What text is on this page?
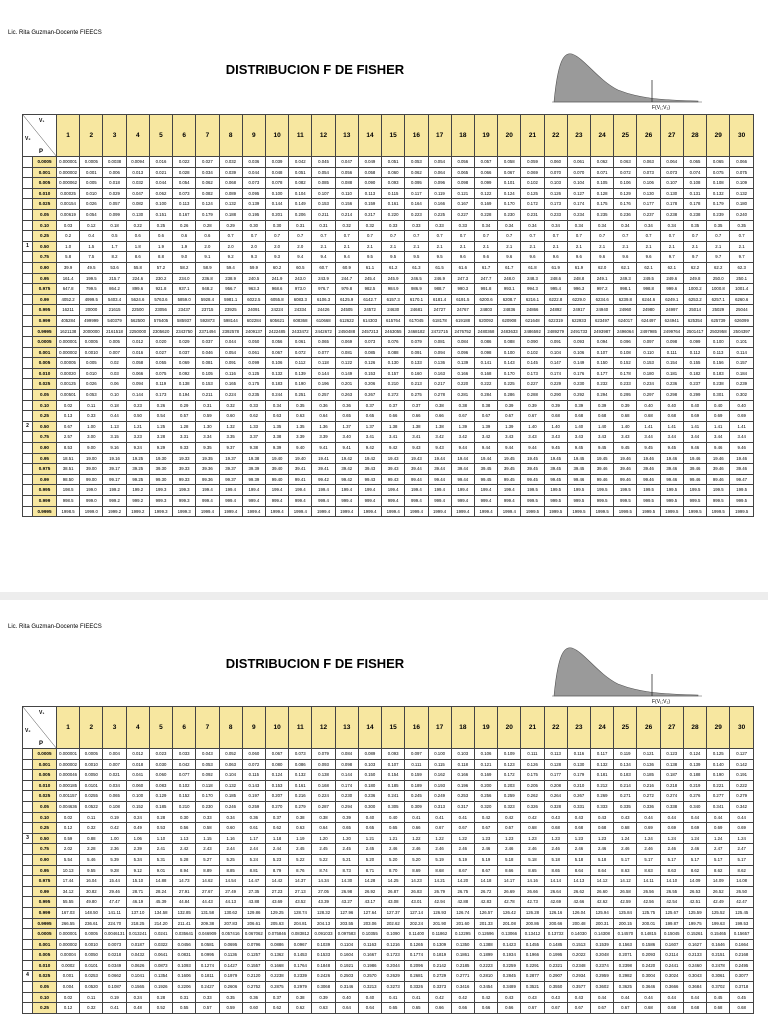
Lic. Rita Guzman-Docente FIEECS
DISTRIBUCION F DE FISHER
F(V₁;V₂)
V₁
V₂
P		1	2	3	4	5	6	7	8	9	10	11	12	13	14	15	16	17	18	19	20	21	22	23	24	25	26	27	28	29	30
	0.0005	0.000001	0.0005	0.0038	0.0094	0.016	0.022	0.027	0.032	0.036	0.039	0.042	0.045	0.047	0.049	0.051	0.053	0.054	0.056	0.057	0.058	0.059	0.060	0.061	0.062	0.063	0.063	0.064	0.065	0.065	0.066
	0.001	0.000002	0.001	0.006	0.013	0.021	0.028	0.034	0.039	0.044	0.048	0.051	0.054	0.056	0.058	0.060	0.062	0.064	0.065	0.066	0.067	0.069	0.070	0.070	0.071	0.072	0.073	0.073	0.074	0.075	0.075
	0.005	0.000062	0.005	0.018	0.032	0.044	0.054	0.062	0.068	0.073	0.078	0.082	0.085	0.088	0.090	0.093	0.095	0.096	0.098	0.099	0.101	0.102	0.103	0.104	0.105	0.106	0.106	0.107	0.108	0.108	0.109
	0.010	0.00025	0.010	0.029	0.047	0.062	0.073	0.082	0.089	0.095	0.100	0.104	0.107	0.110	0.113	0.115	0.117	0.119	0.121	0.122	0.124	0.125	0.126	0.127	0.128	0.129	0.130	0.130	0.131	0.132	0.132
	0.025	0.00154	0.026	0.057	0.082	0.100	0.113	0.124	0.132	0.139	0.144	0.149	0.153	0.156	0.159	0.161	0.164	0.166	0.167	0.169	0.170	0.172	0.173	0.174	0.175	0.176	0.177	0.178	0.178	0.179	0.180
	0.05	0.00619	0.054	0.099	0.130	0.151	0.167	0.179	0.188	0.195	0.201	0.206	0.211	0.214	0.217	0.220	0.223	0.225	0.227	0.228	0.230	0.231	0.233	0.234	0.235	0.236	0.237	0.238	0.238	0.239	0.240
	0.10	0.03	0.12	0.18	0.22	0.25	0.26	0.28	0.29	0.30	0.30	0.31	0.31	0.32	0.32	0.33	0.33	0.33	0.33	0.34	0.34	0.34	0.34	0.34	0.34	0.34	0.34	0.34	0.35	0.35	0.35
	0.25	0.2	0.4	0.5	0.6	0.6	0.6	0.6	0.7	0.7	0.7	0.7	0.7	0.7	0.7	0.7	0.7	0.7	0.7	0.7	0.7	0.7	0.7	0.7	0.7	0.7	0.7	0.7	0.7	0.7	0.7
1	0.50	1.0	1.5	1.7	1.8	1.9	1.9	2.0	2.0	2.0	2.0	2.0	2.1	2.1	2.1	2.1	2.1	2.1	2.1	2.1	2.1	2.1	2.1	2.1	2.1	2.1	2.1	2.1	2.1	2.1	2.1
	0.75	5.8	7.5	8.2	8.6	8.8	9.0	9.1	9.2	9.3	9.3	9.4	9.4	9.4	9.5	9.5	9.5	9.5	9.6	9.6	9.6	9.6	9.6	9.6	9.6	9.6	9.6	9.7	9.7	9.7	9.7
	0.90	39.9	49.5	53.6	55.8	57.2	58.2	58.9	59.4	59.9	60.2	60.5	60.7	60.9	61.1	61.2	61.3	61.5	61.6	61.7	61.7	61.8	61.9	61.9	62.0	62.1	62.1	62.1	62.2	62.2	62.3
	0.95	161.4	199.5	215.7	224.6	230.2	234.0	236.8	238.9	240.5	241.9	243.0	243.9	244.7	245.4	245.9	246.5	246.9	247.3	247.7	248.0	248.3	248.6	248.8	249.1	249.3	249.5	249.6	249.8	250.0	250.1
	0.975	647.8	799.5	864.2	899.6	921.8	937.1	948.2	956.7	963.3	968.6	973.0	976.7	979.8	982.5	984.9	986.9	988.7	990.3	991.8	993.1	994.3	995.4	996.3	997.2	998.1	998.8	999.6	1000.2	1000.8	1001.4
	0.99	4052.2	4999.5	5403.4	5624.6	5763.6	5859.0	5928.4	5981.1	6022.5	6055.8	6083.3	6106.3	6125.9	6142.7	6157.3	6170.1	6181.4	6191.5	6200.6	6208.7	6216.1	6222.8	6229.0	6234.6	6239.8	6244.6	6249.1	6253.2	6257.1	6260.6
	0.995	16211	20000	21615	22500	23056	23437	23715	23925	24091	24224	24334	24426	24505	24572	24630	24681	24727	24767	24803	24836	24866	24892	24917	24940	24960	24980	24997	25014	25029	25044
	0.999	405284	499999	540379	562500	576405	585937	592873	598144	602284	605621	608368	610668	612622	614303	615764	617045	618178	619188	620092	620908	621648	622319	622933	623497	624017	624497	624941	625354	625739	626099
	0.9995	1621138	2000000	2161518	2250000	2305620	2343750	2371494	2392578	2409137	2422485	2433472	2442672	2450488	2457213	2463055	2468182	2472715	2476752	2480368	2483633	2486592	2489279	2491733	2493987	2496064	2497985	2499764	2501417	2502958	2504397
	0.0005	0.000001	0.0005	0.005	0.012	0.020	0.029	0.037	0.044	0.050	0.056	0.061	0.065	0.069	0.073	0.076	0.079	0.081	0.084	0.086	0.088	0.090	0.091	0.093	0.094	0.096	0.097	0.098	0.099	0.100	0.101
	0.001	0.000002	0.0010	0.007	0.016	0.027	0.037	0.046	0.054	0.061	0.067	0.072	0.077	0.081	0.085	0.088	0.091	0.094	0.096	0.098	0.100	0.102	0.104	0.106	0.107	0.108	0.110	0.111	0.112	0.113	0.114
	0.005	0.00005	0.005	0.02	0.058	0.055	0.069	0.081	0.091	0.099	0.106	0.112	0.118	0.122	0.126	0.130	0.133	0.136	0.139	0.141	0.143	0.145	0.147	0.149	0.150	0.152	0.153	0.154	0.155	0.156	0.157
	0.010	0.00020	0.010	0.03	0.066	0.075	0.092	0.105	0.116	0.125	0.132	0.139	0.144	0.149	0.153	0.157	0.160	0.163	0.166	0.168	0.170	0.173	0.174	0.176	0.177	0.178	0.180	0.181	0.182	0.183	0.184
	0.025	0.00125	0.026	0.06	0.094	0.119	0.138	0.153	0.165	0.175	0.183	0.190	0.196	0.201	0.206	0.210	0.213	0.217	0.220	0.222	0.225	0.227	0.229	0.230	0.232	0.233	0.234	0.236	0.237	0.238	0.239
	0.05	0.00501	0.053	0.10	0.144	0.173	0.194	0.211	0.224	0.235	0.244	0.251	0.257	0.263	0.267	0.272	0.275	0.278	0.281	0.284	0.286	0.288	0.290	0.292	0.294	0.295	0.297	0.298	0.299	0.301	0.302
	0.10	0.02	0.11	0.18	0.23	0.26	0.29	0.31	0.32	0.33	0.34	0.35	0.36	0.36	0.37	0.37	0.37	0.38	0.38	0.38	0.39	0.39	0.39	0.39	0.39	0.39	0.40	0.40	0.40	0.40	0.40
	0.25	0.13	0.33	0.44	0.50	0.54	0.57	0.59	0.60	0.62	0.63	0.63	0.64	0.65	0.65	0.66	0.66	0.66	0.67	0.67	0.67	0.67	0.68	0.68	0.68	0.68	0.68	0.68	0.69	0.69	0.69
2	0.50	0.67	1.00	1.13	1.21	1.25	1.28	1.30	1.32	1.33	1.35	1.35	1.36	1.37	1.37	1.38	1.38	1.38	1.39	1.39	1.39	1.40	1.40	1.40	1.40	1.40	1.41	1.41	1.41	1.41	1.41
	0.75	2.57	3.00	3.15	3.23	3.28	3.31	3.34	3.35	3.37	3.38	3.39	3.39	3.40	3.41	3.41	3.41	3.42	3.42	3.42	3.43	3.43	3.43	3.43	3.43	3.43	3.44	3.44	3.44	3.44	3.44
	0.90	8.53	9.00	9.16	9.24	9.29	9.33	9.35	9.37	9.38	9.39	9.40	9.41	9.41	9.42	9.42	9.43	9.43	9.44	9.44	9.44	9.44	9.45	9.45	9.45	9.45	9.45	9.45	9.46	9.46	9.46
	0.95	18.51	19.00	19.16	19.25	19.30	19.33	19.35	19.37	19.38	19.40	19.40	19.41	19.42	19.42	19.43	19.43	19.44	19.44	19.44	19.45	19.45	19.45	19.45	19.45	19.46	19.46	19.46	19.46	19.46	19.46
	0.975	38.51	39.00	39.17	39.25	39.30	39.33	39.36	39.37	39.39	39.40	39.41	39.41	39.42	39.43	39.43	39.44	39.44	39.44	39.45	39.45	39.45	39.45	39.45	39.46	39.46	39.46	39.46	39.46	39.46	39.46
	0.99	98.50	99.00	99.17	99.25	99.30	99.33	99.36	99.37	99.39	99.40	99.41	99.42	99.42	99.43	99.43	99.44	99.44	99.44	99.45	99.45	99.45	99.45	99.46	99.46	99.46	99.46	99.46	99.46	99.46	99.47
	0.995	198.5	199.0	199.2	199.2	199.3	199.3	199.4	199.4	199.4	199.4	199.4	199.4	199.4	199.4	199.4	199.4	199.4	199.4	199.4	199.4	199.5	199.5	199.5	199.5	199.5	199.5	199.5	199.5	199.5	199.5
	0.999	998.5	999.0	999.2	999.2	999.3	999.3	999.4	999.4	999.4	999.4	999.4	999.4	999.4	999.4	999.4	999.4	999.4	999.4	999.4	999.4	999.5	999.5	999.5	999.5	999.5	999.5	999.5	999.5	999.5	999.5
	0.9995	1998.5	1999.0	1999.2	1999.2	1999.3	1999.3	1999.4	1999.4	1999.4	1999.4	1999.4	1999.4	1999.4	1999.4	1999.4	1999.4	1999.4	1999.4	1999.4	1999.4	1999.5	1999.5	1999.5	1999.5	1999.5	1999.5	1999.5	1999.5	1999.5	1999.5
Lic. Rita Guzman-Docente FIEECS
DISTRIBUCION F DE FISHER
F(V₁;V₂)
V₁
V₂
P		1	2	3	4	5	6	7	8	9	10	11	12	13	14	15	16	17	18	19	20	21	22	23	24	25	26	27	28	29	30
	0.0005	0.000001	0.0005	0.004	0.012	0.023	0.033	0.043	0.052	0.060	0.067	0.073	0.079	0.084	0.089	0.093	0.097	0.100	0.103	0.106	0.109	0.111	0.113	0.116	0.117	0.119	0.121	0.123	0.124	0.125	0.127
	0.001	0.000002	0.0010	0.007	0.018	0.030	0.042	0.053	0.063	0.072	0.080	0.086	0.093	0.098	0.103	0.107	0.111	0.115	0.118	0.121	0.123	0.126	0.128	0.130	0.132	0.134	0.136	0.138	0.139	0.140	0.142
	0.005	0.000046	0.0050	0.021	0.041	0.060	0.077	0.092	0.104	0.115	0.124	0.132	0.138	0.144	0.150	0.154	0.159	0.162	0.166	0.169	0.172	0.175	0.177	0.179	0.181	0.183	0.185	0.187	0.188	0.190	0.191
	0.010	0.000185	0.0101	0.034	0.060	0.083	0.102	0.118	0.132	0.143	0.153	0.161	0.168	0.174	0.180	0.185	0.189	0.193	0.196	0.200	0.203	0.205	0.208	0.210	0.212	0.214	0.216	0.218	0.219	0.221	0.222
	0.025	0.001157	0.0255	0.065	0.100	0.129	0.152	0.170	0.185	0.197	0.207	0.216	0.224	0.230	0.236	0.241	0.245	0.249	0.253	0.256	0.259	0.262	0.264	0.267	0.269	0.271	0.272	0.274	0.276	0.277	0.279
	0.05	0.004636	0.0522	0.108	0.152	0.185	0.210	0.230	0.246	0.259	0.270	0.279	0.287	0.294	0.300	0.305	0.309	0.313	0.317	0.320	0.323	0.326	0.328	0.331	0.333	0.335	0.336	0.338	0.340	0.341	0.342
	0.10	0.02	0.11	0.19	0.24	0.28	0.30	0.33	0.34	0.36	0.37	0.38	0.38	0.39	0.40	0.40	0.41	0.41	0.41	0.42	0.42	0.42	0.43	0.43	0.43	0.43	0.44	0.44	0.44	0.44	0.44
	0.25	0.12	0.32	0.42	0.49	0.53	0.56	0.58	0.60	0.61	0.62	0.63	0.64	0.65	0.65	0.65	0.66	0.67	0.67	0.67	0.67	0.68	0.68	0.68	0.68	0.68	0.69	0.69	0.69	0.69	0.69
3	0.50	0.59	0.88	1.00	1.06	1.10	1.13	1.15	1.16	1.17	1.18	1.19	1.20	1.20	1.21	1.21	1.22	1.22	1.22	1.23	1.23	1.23	1.23	1.23	1.23	1.24	1.24	1.24	1.24	1.24	1.24
	0.75	2.02	2.28	2.36	2.39	2.41	2.42	2.43	2.44	2.44	2.44	2.45	2.45	2.45	2.45	2.46	2.46	2.46	2.46	2.46	2.46	2.46	2.46	2.46	2.46	2.46	2.46	2.46	2.46	2.47	2.47
	0.90	5.54	5.46	5.39	5.34	5.31	5.28	5.27	5.25	5.24	5.23	5.22	5.22	5.21	5.20	5.20	5.20	5.19	5.19	5.19	5.18	5.18	5.18	5.18	5.18	5.17	5.17	5.17	5.17	5.17	5.17
	0.95	10.13	9.55	9.28	9.12	9.01	8.94	8.89	8.85	8.81	8.79	8.76	8.74	8.73	8.71	8.70	8.69	8.68	8.67	8.67	8.66	8.65	8.65	8.64	8.64	8.63	8.63	8.63	8.62	8.62	8.62
	0.975	17.44	16.04	15.44	15.10	14.88	14.73	14.62	14.54	14.47	14.42	14.37	14.34	14.30	14.28	14.25	14.23	14.21	14.20	14.18	14.17	14.16	14.14	14.13	14.12	14.12	14.11	14.10	14.09	14.09	14.08
	0.99	34.12	30.82	29.46	28.71	28.24	27.91	27.67	27.49	27.35	27.23	27.13	27.05	26.98	26.92	26.87	26.83	26.79	26.75	26.72	26.69	26.66	26.64	26.62	26.60	26.58	26.56	26.55	26.53	26.52	26.50
	0.995	55.55	49.80	47.47	46.19	45.39	44.84	44.43	44.13	43.88	43.69	43.52	43.39	43.27	43.17	43.08	43.01	42.94	42.88	42.83	42.78	42.73	42.69	42.66	42.62	42.59	42.56	42.54	42.51	42.49	42.47
	0.999	167.03	148.50	141.11	137.10	134.58	132.85	131.58	130.62	129.86	129.25	128.74	128.32	127.96	127.64	127.37	127.14	126.93	126.74	126.57	126.42	126.28	126.16	126.04	125.94	125.84	125.75	125.67	125.59	125.52	125.45
	0.9995	266.55	236.61	224.70	218.25	214.20	211.41	209.38	207.83	206.61	205.63	204.81	204.13	203.55	203.06	202.62	202.24	201.90	201.60	201.33	201.08	200.86	200.66	200.48	200.31	200.15	200.01	199.87	199.75	199.63	199.53
	0.0005	0.000001	0.0005	0.0046131	0.013241	0.0241	0.035641	0.046909	0.057416	0.067062	0.075846	0.083812	0.091033	0.097583	0.10355	0.1090	0.11400	0.11862	0.12295	0.12696	0.13066	0.13412	0.13732	0.14030	0.14308	0.14570	0.14815	0.15045	0.15261	0.15465	0.15657
	0.001	0.000002	0.0010	0.0073	0.0187	0.0322	0.0456	0.0581	0.0695	0.0796	0.0886	0.0967	0.1039	0.1104	0.1163	0.1216	0.1265	0.1309	0.1350	0.1388	0.1423	0.1455	0.1485	0.1513	0.1539	0.1563	0.1586	0.1607	0.1627	0.1646	0.1664
	0.005	0.00004	0.0050	0.0218	0.0432	0.0641	0.0831	0.0995	0.1136	0.1257	0.1362	0.1453	0.1533	0.1604	0.1667	0.1723	0.1774	0.1819	0.1861	0.1899	0.1934	0.1966	0.1995	0.2022	0.2048	0.2071	0.2093	0.2114	0.2133	0.2151	0.2168
	0.010	0.0002	0.0101	0.0349	0.0626	0.0873	0.1093	0.1274	0.1427	0.1557	0.1668	0.1764	0.1848	0.1921	0.1986	0.2044	0.2096	0.2142	0.2185	0.2223	0.2259	0.2291	0.2321	0.2348	0.2374	0.2398	0.2420	0.2441	0.2460	0.2478	0.2495
4	0.025	0.001	0.0253	0.0662	0.1041	0.1354	0.1606	0.1811	0.1979	0.2120	0.2238	0.2339	0.2426	0.2503	0.2570	0.2629	0.2681	0.2729	0.2771	0.2810	0.2845	0.2877	0.2907	0.2934	0.2959	0.2982	0.3004	0.3024	0.3043	0.3061	0.3077
	0.05	0.004	0.0520	0.1087	0.1565	0.1926	0.2206	0.2427	0.2606	0.2752	0.2875	0.2979	0.3068	0.3146	0.3213	0.3273	0.3326	0.3373	0.3416	0.3454	0.3489	0.3521	0.3550	0.3577	0.3602	0.3625	0.3646	0.3666	0.3684	0.3702	0.3718
	0.10	0.02	0.11	0.19	0.24	0.28	0.31	0.33	0.35	0.36	0.37	0.38	0.39	0.40	0.40	0.41	0.41	0.42	0.42	0.42	0.43	0.43	0.43	0.43	0.44	0.44	0.44	0.44	0.44	0.45	0.45
	0.25	0.12	0.32	0.41	0.48	0.52	0.55	0.57	0.59	0.60	0.62	0.62	0.63	0.64	0.64	0.65	0.65	0.66	0.66	0.66	0.66	0.67	0.67	0.67	0.67	0.67	0.68	0.68	0.68	0.68	0.68
